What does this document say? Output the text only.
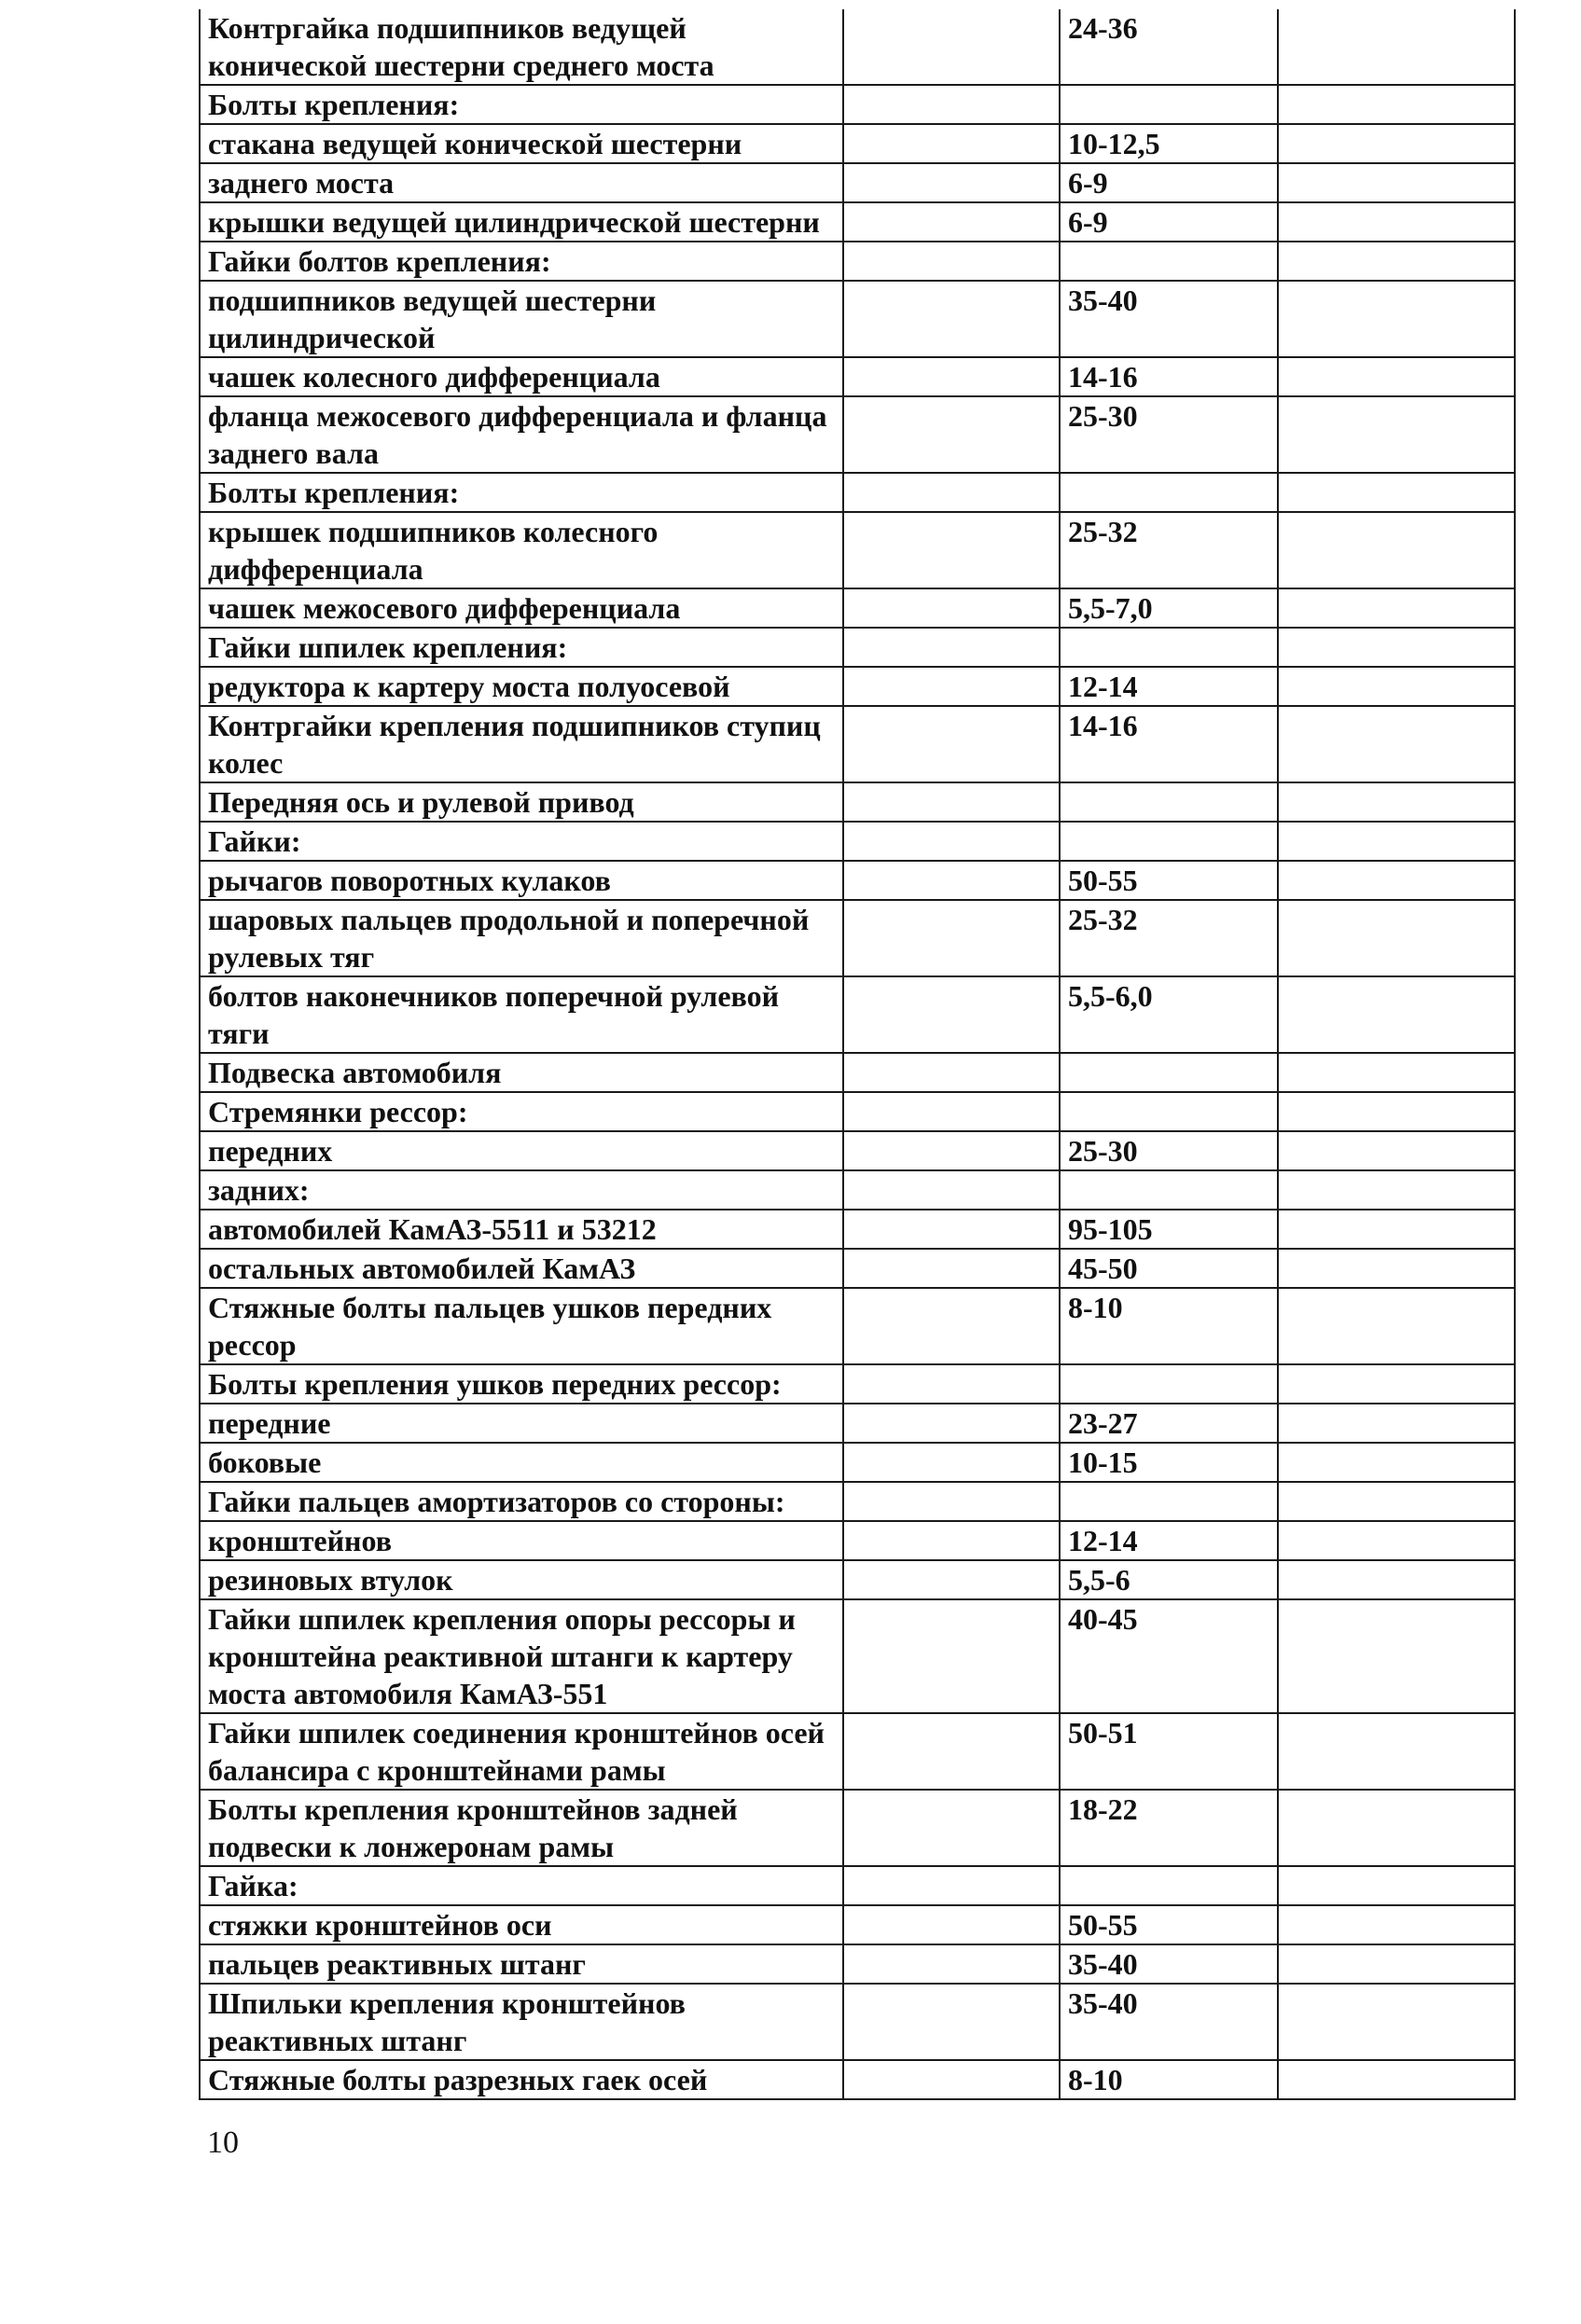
Контргайка подшипников ведущей конической шестерни среднего моста		24-36	
Болты крепления:			
стакана ведущей конической шестерни		10-12,5	
заднего моста		6-9	
крышки ведущей цилиндрической шестерни		6-9	
Гайки болтов крепления:			
подшипников ведущей шестерни цилиндрической		35-40	
чашек колесного дифференциала		14-16	
фланца межосевого дифференциала и фланца заднего вала		25-30	
Болты крепления:			
крышек подшипников колесного дифференциала		25-32	
чашек межосевого дифференциала		5,5-7,0	
Гайки шпилек крепления:			
редуктора к картеру моста полуосевой		12-14	
Контргайки крепления подшипников ступиц колес		14-16	
Передняя ось и рулевой привод			
Гайки:			
рычагов поворотных кулаков		50-55	
шаровых пальцев продольной и поперечной рулевых тяг		25-32	
болтов наконечников поперечной рулевой тяги		5,5-6,0	
Подвеска автомобиля			
Стремянки рессор:			
передних		25-30	
задних:			
автомобилей КамАЗ-5511 и 53212		95-105	
остальных автомобилей КамАЗ		45-50	
Стяжные болты пальцев ушков передних рессор		8-10	
Болты крепления ушков передних рессор:			
передние		23-27	
боковые		10-15	
Гайки пальцев амортизаторов со стороны:			
кронштейнов		12-14	
резиновых втулок		5,5-6	
Гайки шпилек крепления опоры рессоры и кронштейна реактивной штанги к картеру моста автомобиля КамАЗ-551		40-45	
Гайки шпилек соединения кронштейнов осей балансира с кронштейнами рамы		50-51	
Болты крепления кронштейнов задней подвески к лонжеронам рамы		18-22	
Гайка:			
стяжки кронштейнов оси		50-55	
пальцев реактивных штанг		35-40	
Шпильки крепления кронштейнов реактивных штанг		35-40	
Стяжные болты разрезных гаек осей		8-10	
10
